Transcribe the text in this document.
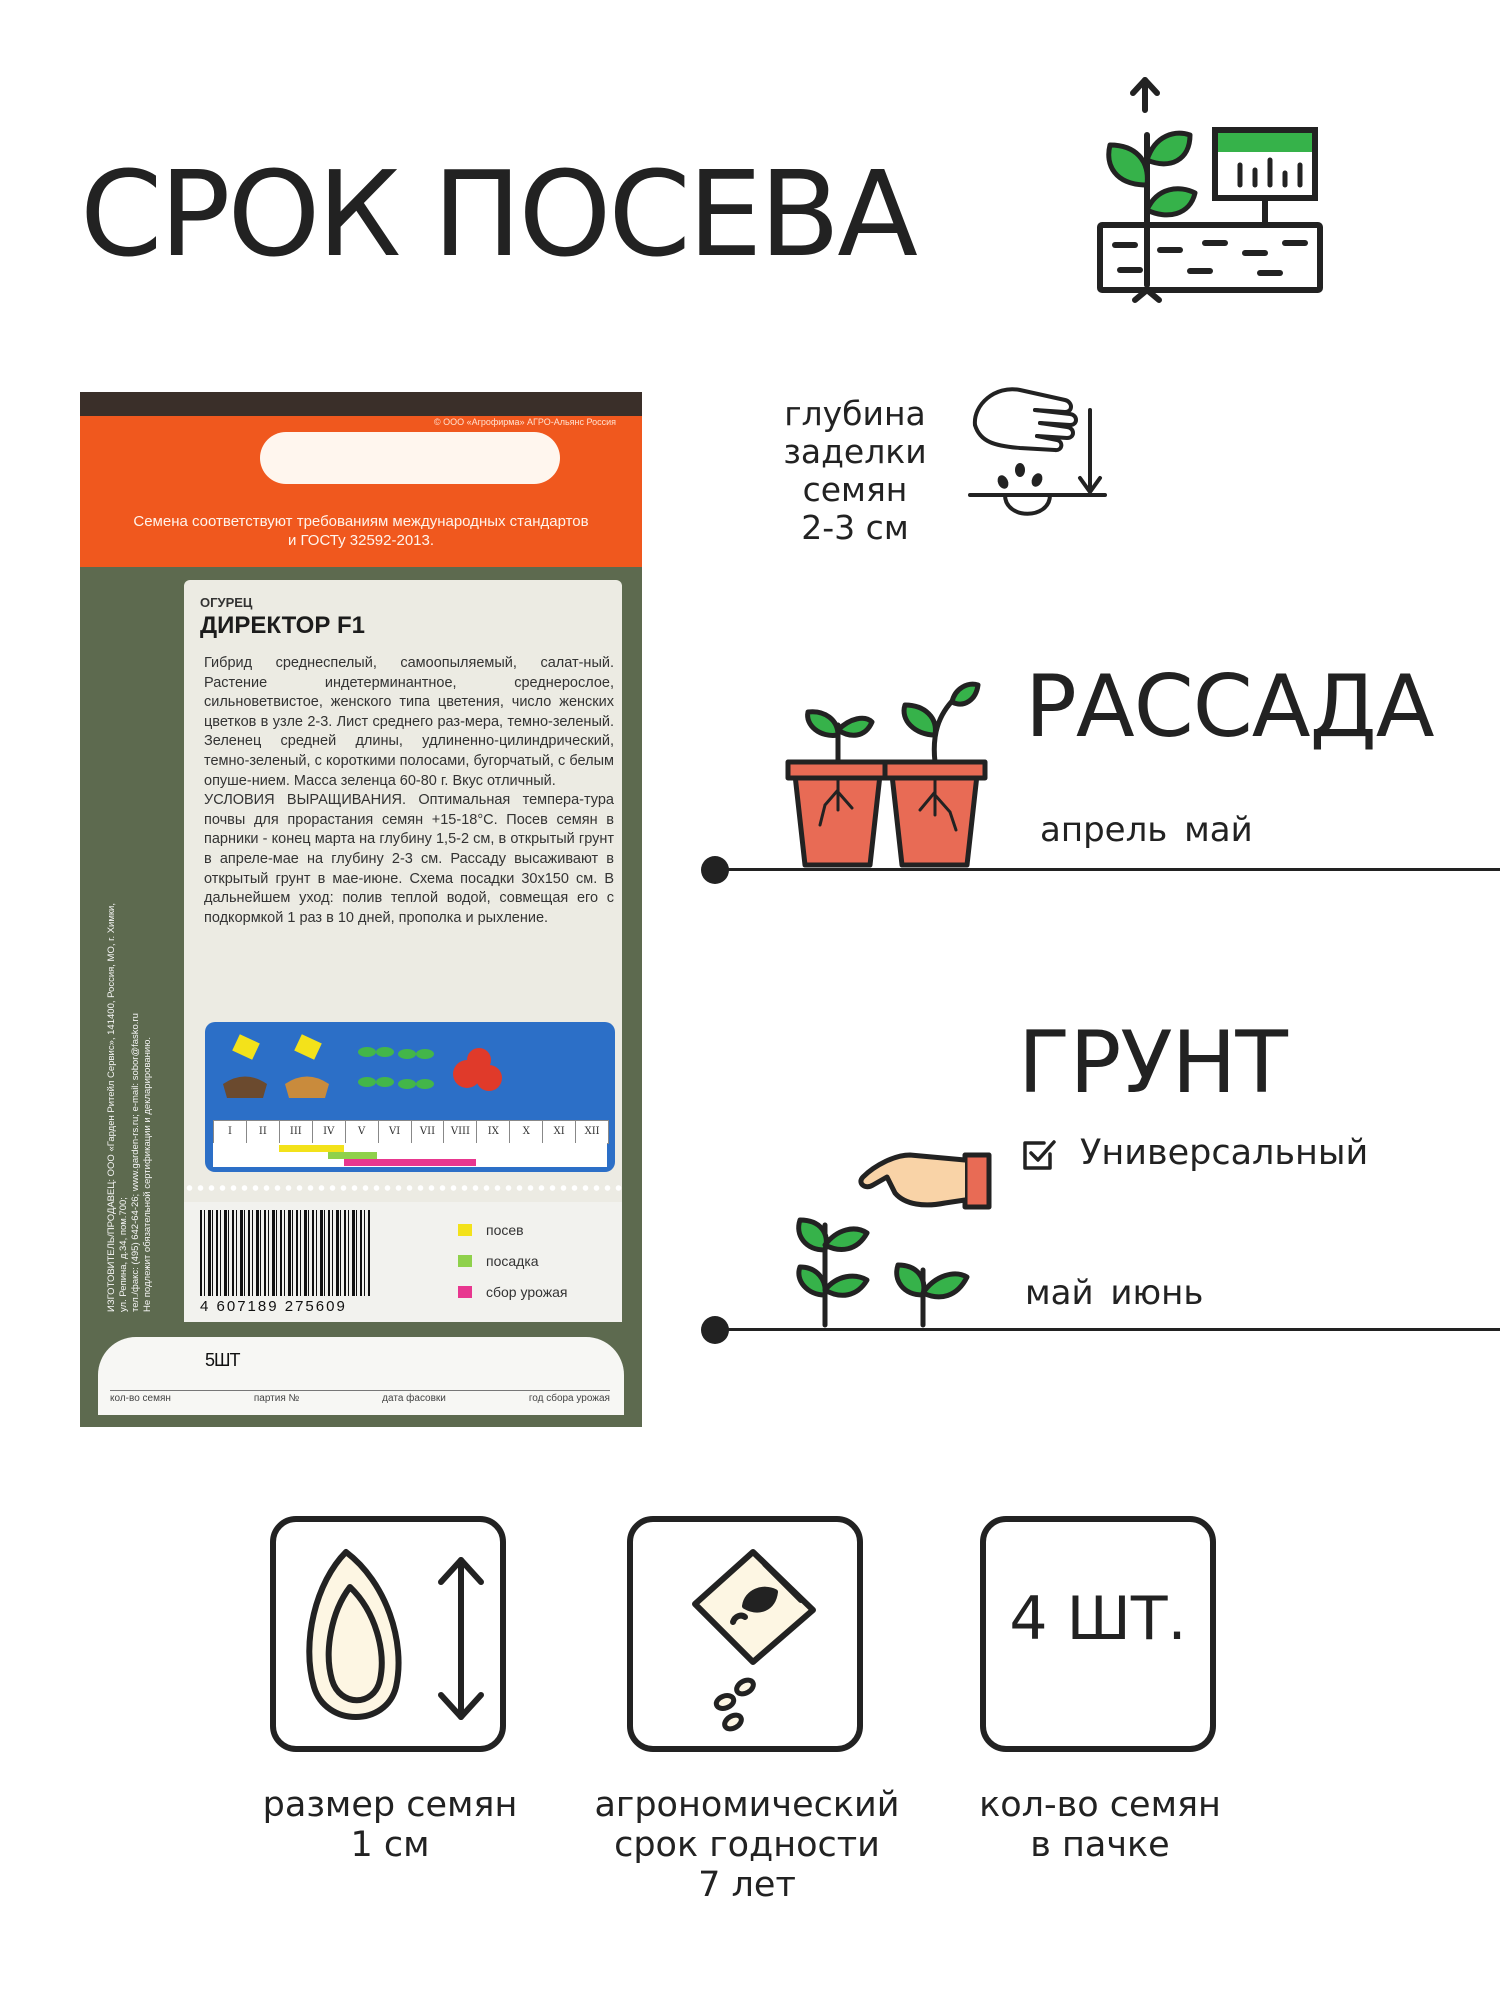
СРОК ПОСЕВА
© ООО «Агрофирма» АГРО-Альянс Россия
Семена соответствуют требованиям международных стандартов
и ГОСТу 32592-2013.
ОГУРЕЦ
ДИРЕКТОР F1

Гибрид среднеспелый, самоопыляемый, салат-ный. Растение индетерминантное, среднерослое, сильноветвистое, женского типа цветения, число женских цветков в узле 2-3. Лист среднего раз-мера, темно-зеленый. Зеленец средней длины, удлиненно-цилиндрический, темно-зеленый, с короткими полосами, бугорчатый, с белым опуше-нием. Масса зеленца 60-80 г. Вкус отличный.
УСЛОВИЯ ВЫРАЩИВАНИЯ. Оптимальная темпера-тура почвы для прорастания семян +15-18°С. Посев семян в парники - конец марта на глубину 1,5-2 см, в открытый грунт в апреле-мае на глубину 2-3 см. Рассаду высаживают в открытый грунт в мае-июне. Схема посадки 30x150 см. В дальнейшем уход: полив теплой водой, совмещая его с подкормкой 1 раз в 10 дней, прополка и рыхление.

I	II	III	IV	V	VI	VII	VIII	IX	X	XI	XII
4 607189 275609
посев
посадка
сбор урожая
ИЗГОТОВИТЕЛЬ/ПРОДАВЕЦ: ООО «Гарден Ритейл Сервис», 141400, Россия, МО, г. Химки, ул. Репина, д.34, пом.700;
тел./факс: (495) 642-64-26; www.garden-rs.ru; e-mail: sobor@fasko.ru
Не подлежит обязательной сертификации и декларированию.
5ШТ
кол-во семян	партия №	дата фасовки	год сбора урожая
глубина
заделки
семян
2-3 см
РАССАДА
апрель май
ГРУНТ
Универсальный
май июнь
размер семян
1 см
агрономический
срок годности
7 лет
4 ШТ.
кол-во семян
в пачке
